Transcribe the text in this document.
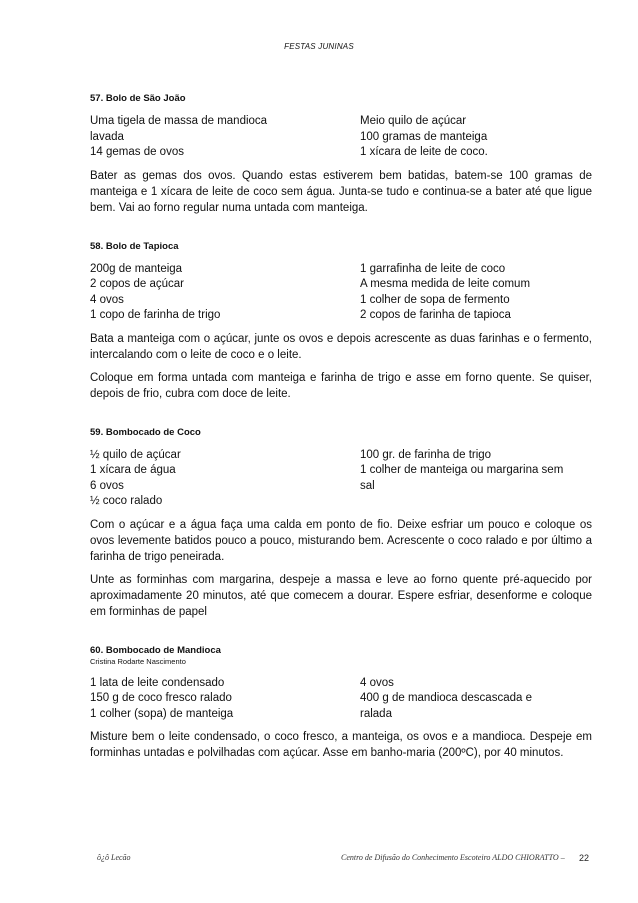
FESTAS JUNINAS
57. Bolo de São João
Uma tigela de massa de mandioca
lavada
14 gemas de ovos
Meio quilo de açúcar
100 gramas de manteiga
1 xícara de leite de coco.
Bater as gemas dos ovos. Quando estas estiverem bem batidas, batem-se 100 gramas de manteiga e 1 xícara de leite de coco sem água. Junta-se tudo e continua-se a bater até que ligue bem. Vai ao forno regular numa untada com manteiga.
58. Bolo de Tapioca
200g de manteiga
2 copos de açúcar
4 ovos
1 copo de farinha de trigo
1 garrafinha de leite de coco
A mesma medida de leite comum
1 colher de sopa de fermento
2 copos de farinha de tapioca
Bata a manteiga com o açúcar, junte os ovos e depois acrescente as duas farinhas e o fermento, intercalando com o leite de coco e o leite.
Coloque em forma untada com manteiga e farinha de trigo e asse em forno quente. Se quiser, depois de frio, cubra com doce de leite.
59. Bombocado de Coco
½ quilo de açúcar
1 xícara de água
6 ovos
½ coco ralado
100 gr. de farinha de trigo
1 colher de manteiga ou margarina sem
sal
Com o açúcar e a água faça uma calda em ponto de fio. Deixe esfriar um pouco e coloque os ovos levemente batidos pouco a pouco, misturando bem. Acrescente o coco ralado e por último a farinha de trigo peneirada.
Unte as forminhas com margarina, despeje a massa e leve ao forno quente pré-aquecido por aproximadamente 20 minutos, até que comecem a dourar. Espere esfriar, desenforme e coloque em forminhas de papel
60. Bombocado de Mandioca
Cristina Rodarte Nascimento
1 lata de leite condensado
150 g de coco fresco ralado
1 colher (sopa) de manteiga
4 ovos
400 g de mandioca descascada e
ralada
Misture bem o leite condensado, o coco fresco, a manteiga, os ovos e a mandioca. Despeje em forminhas untadas e polvilhadas com açúcar. Asse em banho-maria (200ºC), por 40 minutos.
ô¿ô Lecão	Centro de Difusão do Conhecimento Escoteiro ALDO CHIORATTO – 22
